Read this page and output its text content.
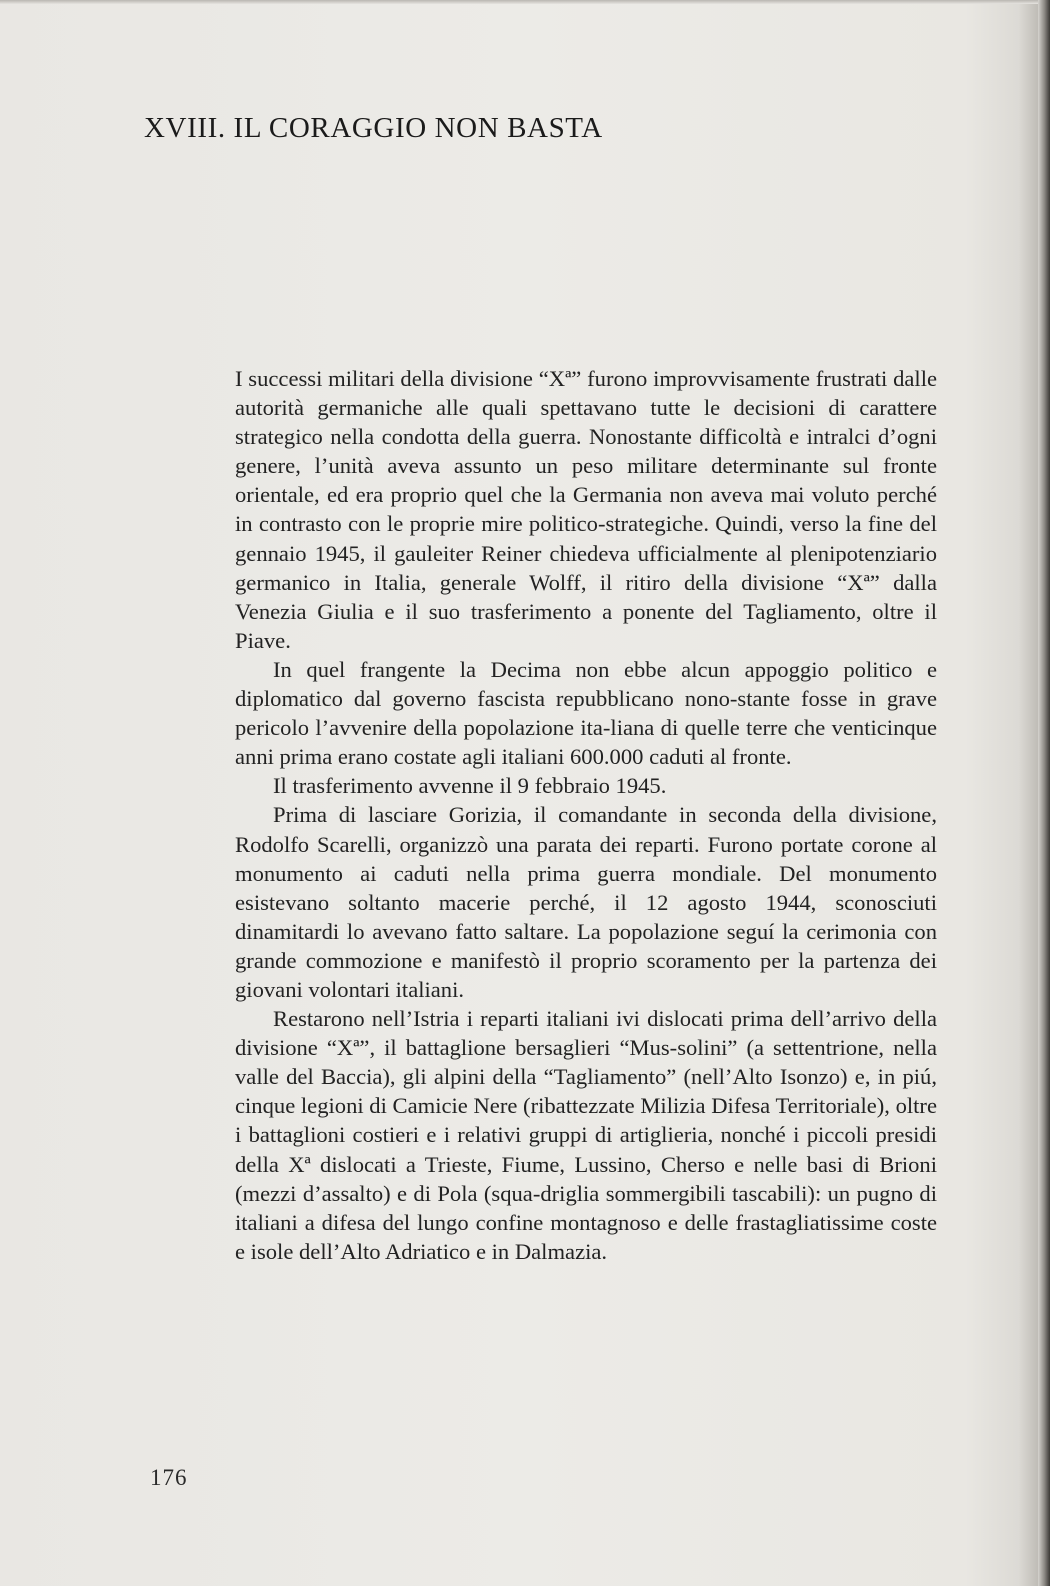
XVIII. IL CORAGGIO NON BASTA

I successi militari della divisione “Xª” furono improvvisamente frustrati dalle autorità germaniche alle quali spettavano tutte le decisioni di carattere strategico nella condotta della guerra. Nonostante difficoltà e intralci d’ogni genere, l’unità aveva assunto un peso militare determinante sul fronte orientale, ed era proprio quel che la Germania non aveva mai voluto perché in contrasto con le proprie mire politico-strategiche. Quindi, verso la fine del gennaio 1945, il gauleiter Reiner chiedeva ufficialmente al plenipotenziario germanico in Italia, generale Wolff, il ritiro della divisione “Xª” dalla Venezia Giulia e il suo trasferimento a ponente del Tagliamento, oltre il Piave.

In quel frangente la Decima non ebbe alcun appoggio politico e diplomatico dal governo fascista repubblicano nono-stante fosse in grave pericolo l’avvenire della popolazione ita-liana di quelle terre che venticinque anni prima erano costate agli italiani 600.000 caduti al fronte.

Il trasferimento avvenne il 9 febbraio 1945.

Prima di lasciare Gorizia, il comandante in seconda della divisione, Rodolfo Scarelli, organizzò una parata dei reparti. Furono portate corone al monumento ai caduti nella prima guerra mondiale. Del monumento esistevano soltanto macerie perché, il 12 agosto 1944, sconosciuti dinamitardi lo avevano fatto saltare. La popolazione seguí la cerimonia con grande commozione e manifestò il proprio scoramento per la partenza dei giovani volontari italiani.

Restarono nell’Istria i reparti italiani ivi dislocati prima dell’arrivo della divisione “Xª”, il battaglione bersaglieri “Mus-solini” (a settentrione, nella valle del Baccia), gli alpini della “Tagliamento” (nell’Alto Isonzo) e, in piú, cinque legioni di Camicie Nere (ribattezzate Milizia Difesa Territoriale), oltre i battaglioni costieri e i relativi gruppi di artiglieria, nonché i piccoli presidi della Xª dislocati a Trieste, Fiume, Lussino, Cherso e nelle basi di Brioni (mezzi d’assalto) e di Pola (squa-driglia sommergibili tascabili): un pugno di italiani a difesa del lungo confine montagnoso e delle frastagliatissime coste e isole dell’Alto Adriatico e in Dalmazia.

176
